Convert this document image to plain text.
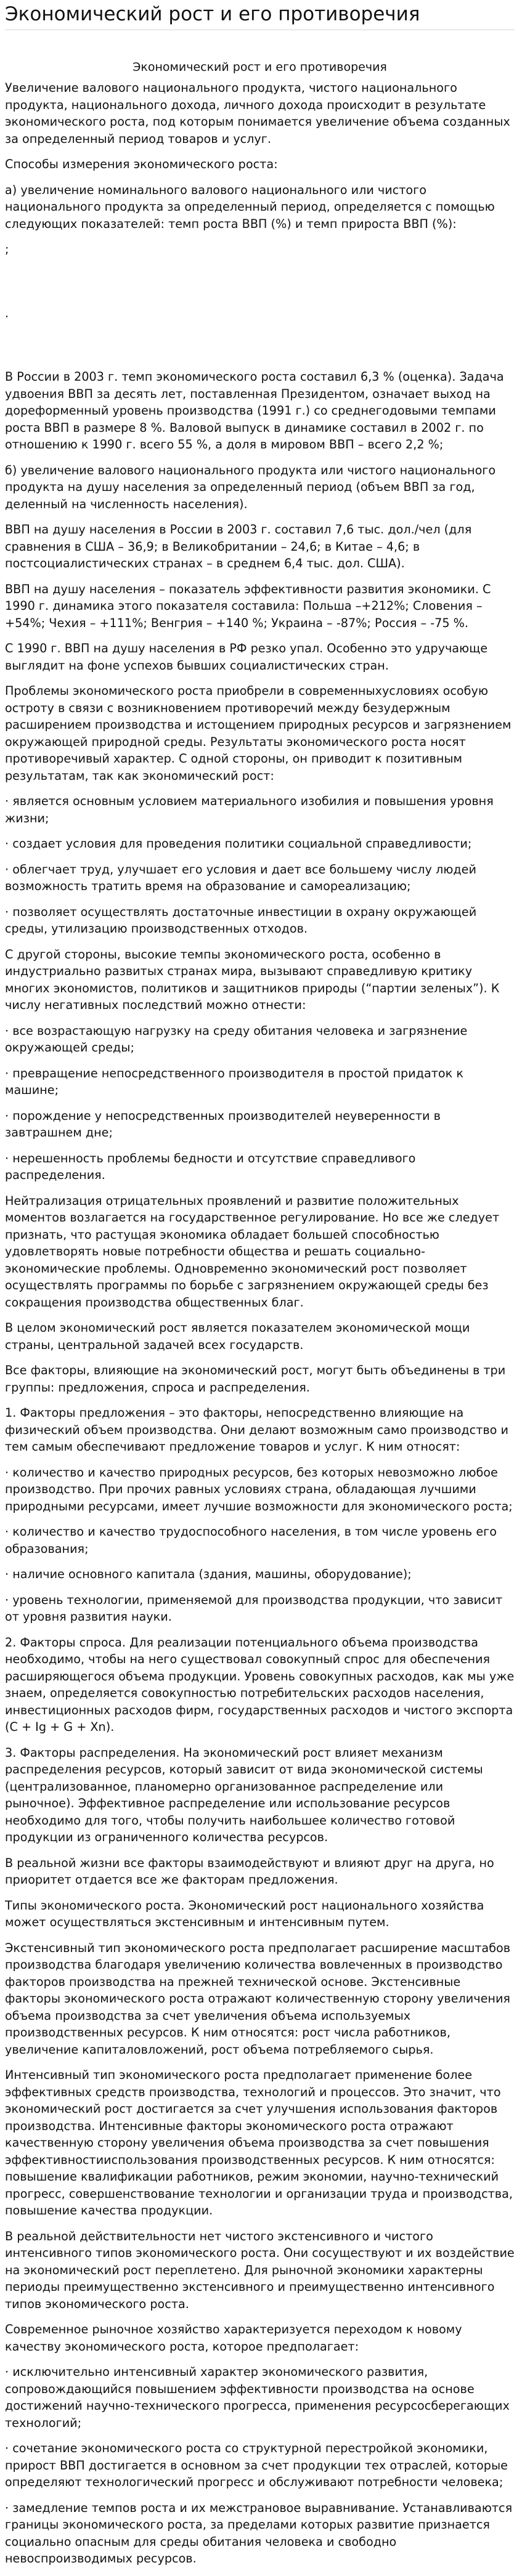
Экономический рост и его противоречия
Экономический рост и его противоречия

Увеличение валового национального продукта, чистого национального продукта, национального дохода, личного дохода происходит в результате экономического роста, под которым понимается увеличение объема созданных за определенный период товаров и услуг.

Способы измерения экономического роста:

а) увеличение номинального валового национального или чистого национального продукта за определенный период, определяется с помощью следующих показателей: темп роста ВВП (%) и темп прироста ВВП (%):

;

.

В России в 2003 г. темп экономического роста составил 6,3 % (оценка). Задача удвоения ВВП за десять лет, поставленная Президентом, означает выход на дореформенный уровень производства (1991 г.) со среднегодовыми темпами роста ВВП в размере 8 %. Валовой выпуск в динамике составил в 2002 г. по отношению к 1990 г. всего 55 %, а доля в мировом ВВП – всего 2,2 %;

б) увеличение валового национального продукта или чистого национального продукта на душу населения за определенный период (объем ВВП за год, деленный на численность населения).

ВВП на душу населения в России в 2003 г. составил 7,6 тыс. дол./чел (для сравнения в США – 36,9; в Великобритании – 24,6; в Китае – 4,6; в постсоциалистических странах – в среднем 6,4 тыс. дол. США).

ВВП на душу населения – показатель эффективности развития экономики. С 1990 г. динамика этого показателя составила: Польша –+212%; Словения –+54%; Чехия – +111%; Венгрия – +140 %; Украина – -87%; Россия – -75 %.

С 1990 г. ВВП на душу населения в РФ резко упал. Особенно это удручающе выглядит на фоне успехов бывших социалистических стран.

Проблемы экономического роста приобрели в современныхусловиях особую остроту в связи с возникновением противоречий между безудержным расширением производства и истощением природных ресурсов и загрязнением окружающей природной среды. Результаты экономического роста носят противоречивый характер. С одной стороны, он приводит к позитивным результатам, так как экономический рост:

· является основным условием материального изобилия и повышения уровня жизни;

· создает условия для проведения политики социальной справедливости;

· облегчает труд, улучшает его условия и дает все большему числу людей возможность тратить время на образование и самореализацию;

· позволяет осуществлять достаточные инвестиции в охрану окружающей среды, утилизацию производственных отходов.

С другой стороны, высокие темпы экономического роста, особенно в индустриально развитых странах мира, вызывают справедливую критику многих экономистов, политиков и защитников природы (“партии зеленых”). К числу негативных последствий можно отнести:

· все возрастающую нагрузку на среду обитания человека и загрязнение окружающей среды;

· превращение непосредственного производителя в простой придаток к машине;

· порождение у непосредственных производителей неуверенности в завтрашнем дне;

· нерешенность проблемы бедности и отсутствие справедливого распределения.

Нейтрализация отрицательных проявлений и развитие положительных моментов возлагается на государственное регулирование. Но все же следует признать, что растущая экономика обладает большей способностью удовлетворять новые потребности общества и решать социально-экономические проблемы. Одновременно экономический рост позволяет осуществлять программы по борьбе с загрязнением окружающей среды без сокращения производства общественных благ.

В целом экономический рост является показателем экономической мощи страны, центральной задачей всех государств.

Все факторы, влияющие на экономический рост, могут быть объединены в три группы: предложения, спроса и распределения.

1. Факторы предложения – это факторы, непосредственно влияющие на физический объем производства. Они делают возможным само производство и тем самым обеспечивают предложение товаров и услуг. К ним относят:

· количество и качество природных ресурсов, без которых невозможно любое производство. При прочих равных условиях страна, обладающая лучшими природными ресурсами, имеет лучшие возможности для экономического роста;

· количество и качество трудоспособного населения, в том числе уровень его образования;

· наличие основного капитала (здания, машины, оборудование);

· уровень технологии, применяемой для производства продукции, что зависит от уровня развития науки.

2. Факторы спроса. Для реализации потенциального объема производства необходимо, чтобы на него существовал совокупный спрос для обеспечения расширяющегося объема продукции. Уровень совокупных расходов, как мы уже знаем, определяется совокупностью потребительских расходов населения, инвестиционных расходов фирм, государственных расходов и чистого экспорта (C + Ig + G + Xn).

3. Факторы распределения. На экономический рост влияет механизм распределения ресурсов, который зависит от вида экономической системы (централизованное, планомерно организованное распределение или рыночное). Эффективное распределение или использование ресурсов необходимо для того, чтобы получить наибольшее количество готовой продукции из ограниченного количества ресурсов.

В реальной жизни все факторы взаимодействуют и влияют друг на друга, но приоритет отдается все же факторам предложения.

Типы экономического роста. Экономический рост национального хозяйства может осуществляться экстенсивным и интенсивным путем.

Экстенсивный тип экономического роста предполагает расширение масштабов производства благодаря увеличению количества вовлеченных в производство факторов производства на прежней технической основе. Экстенсивные факторы экономического роста отражают количественную сторону увеличения объема производства за счет увеличения объема используемых производственных ресурсов. К ним относятся: рост числа работников, увеличение капиталовложений, рост объема потребляемого сырья.

Интенсивный тип экономического роста предполагает применение более эффективных средств производства, технологий и процессов. Это значит, что экономический рост достигается за счет улучшения использования факторов производства. Интенсивные факторы экономического роста отражают качественную сторону увеличения объема производства за счет повышения эффективностииспользования производственных ресурсов. К ним относятся: повышение квалификации работников, режим экономии, научно-технический прогресс, совершенствование технологии и организации труда и производства, повышение качества продукции.

В реальной действительности нет чистого экстенсивного и чистого интенсивного типов экономического роста. Они сосуществуют и их воздействие на экономический рост переплетено. Для рыночной экономики характерны периоды преимущественно экстенсивного и преимущественно интенсивного типов экономического роста.

Современное рыночное хозяйство характеризуется переходом к новому качеству экономического роста, которое предполагает:

· исключительно интенсивный характер экономического развития, сопровождающийся повышением эффективности производства на основе достижений научно-технического прогресса, применения ресурсосберегающих технологий;

· сочетание экономического роста со структурной перестройкой экономики, прирост ВВП достигается в основном за счет продукции тех отраслей, которые определяют технологический прогресс и обслуживают потребности человека;

· замедление темпов роста и их межстрановое выравнивание. Устанавливаются границы экономического роста, за пределами которых развитие признается социально опасным для среды обитания человека и свободно невоспроизводимых ресурсов.
